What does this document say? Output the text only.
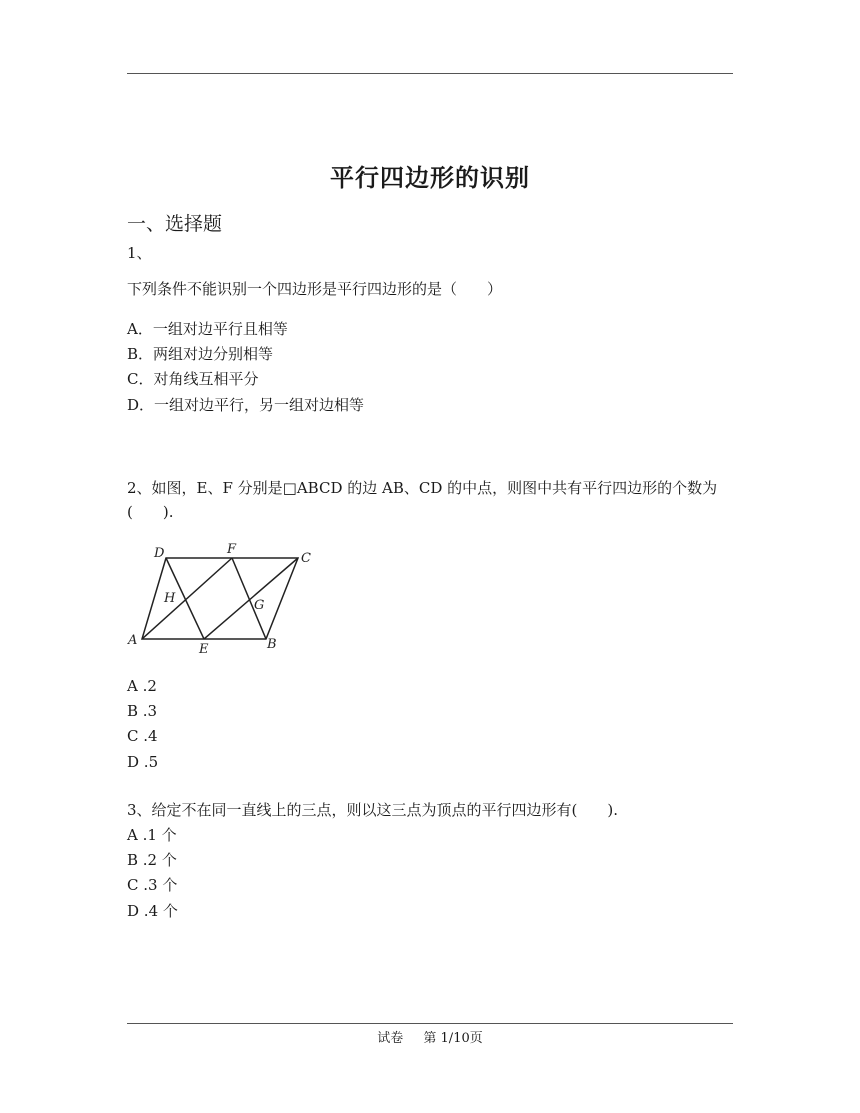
平行四边形的识别
一、选择题
1、
下列条件不能识别一个四边形是平行四边形的是（　　）
A．一组对边平行且相等
B．两组对边分别相等
C．对角线互相平分
D．一组对边平行，另一组对边相等
2、如图，E、F 分别是□ABCD 的边 AB、CD 的中点，则图中共有平行四边形的个数为
(　　).
D	F
C
H	G
A
E	B
A .2
B .3
C .4
D .5
3、给定不在同一直线上的三点，则以这三点为顶点的平行四边形有(　　).
A .1 个
B .2 个
C .3 个
D .4 个
试卷 第 1/10页
